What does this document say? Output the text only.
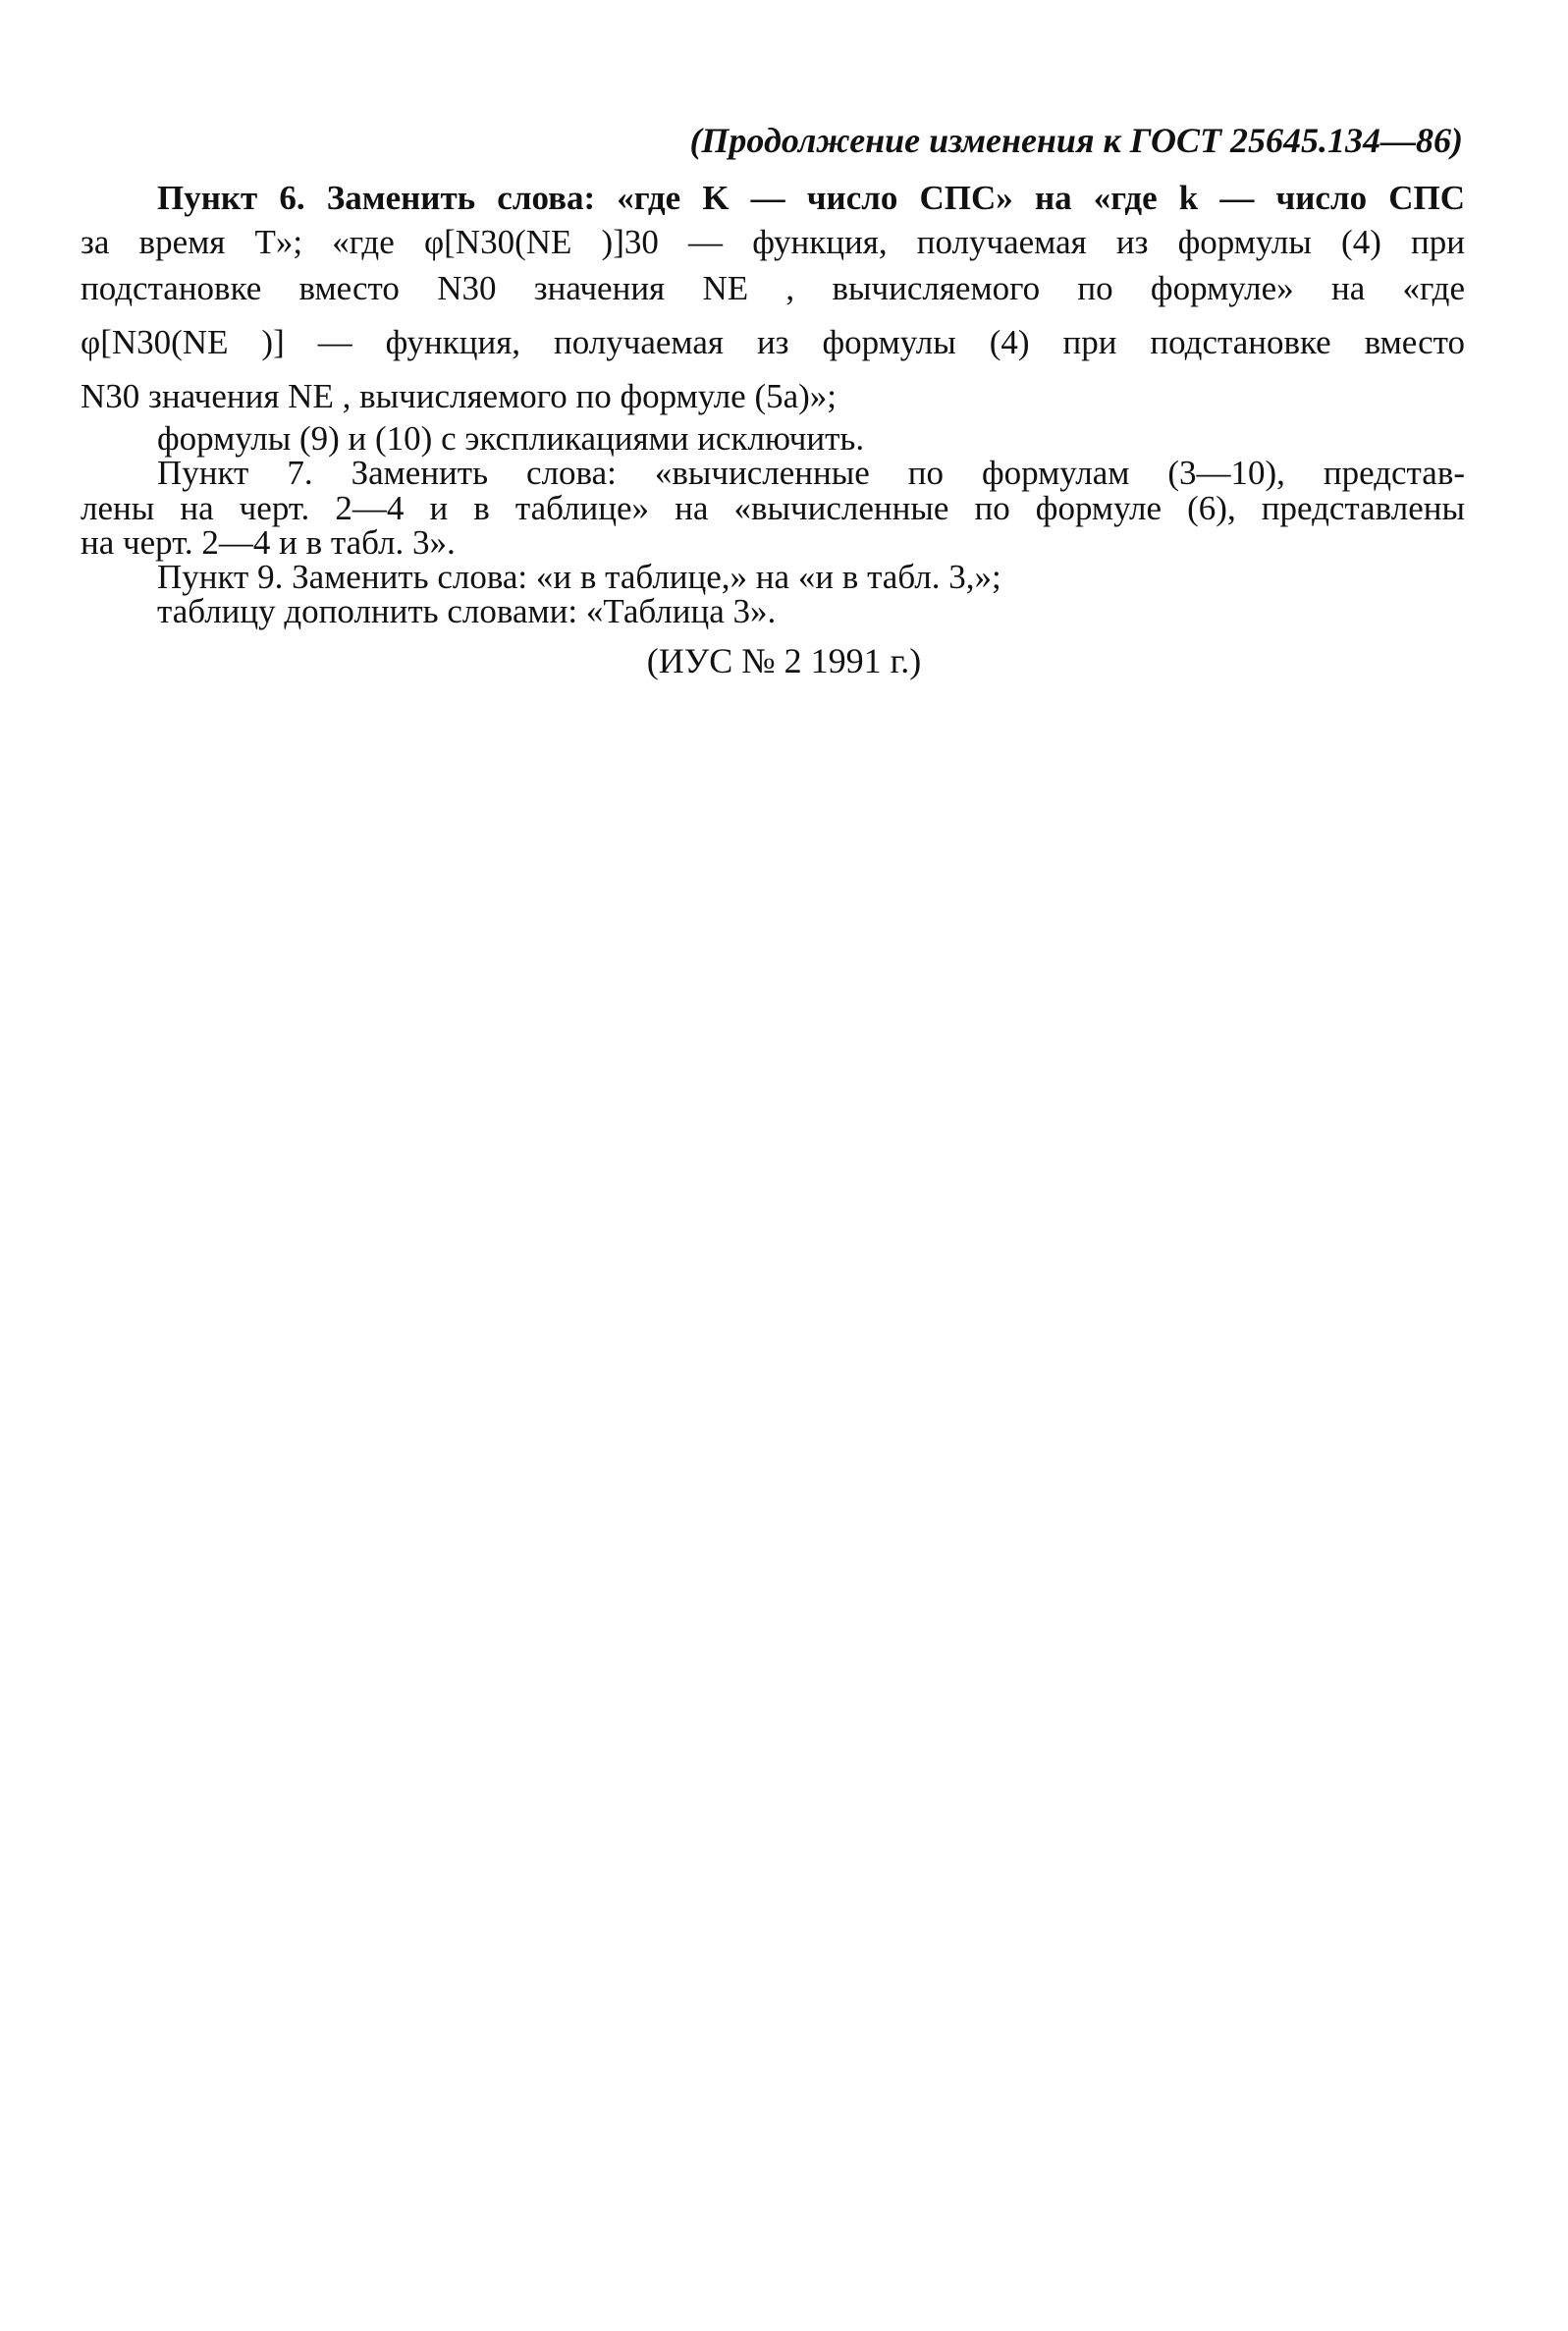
(Продолжение изменения к ГОСТ 25645.134—86)
Пункт 6. Заменить слова: «где K — число СПС» на «где k — число СПС
за время T»; «где φ[N30(NE )]30 — функция, получаемая из формулы (4) при
подстановке вместо N30 значения NE , вычисляемого по формуле» на «где
φ[N30(NE )] — функция, получаемая из формулы (4) при подстановке вместо
N30 значения NE , вычисляемого по формуле (5а)»;
формулы (9) и (10) с экспликациями исключить.
Пункт 7. Заменить слова: «вычисленные по формулам (3—10), представ-
лены на черт. 2—4 и в таблице» на «вычисленные по формуле (6), представлены
на черт. 2—4 и в табл. 3».
Пункт 9. Заменить слова: «и в таблице,» на «и в табл. 3,»;
таблицу дополнить словами: «Таблица 3».
(ИУС № 2 1991 г.)
